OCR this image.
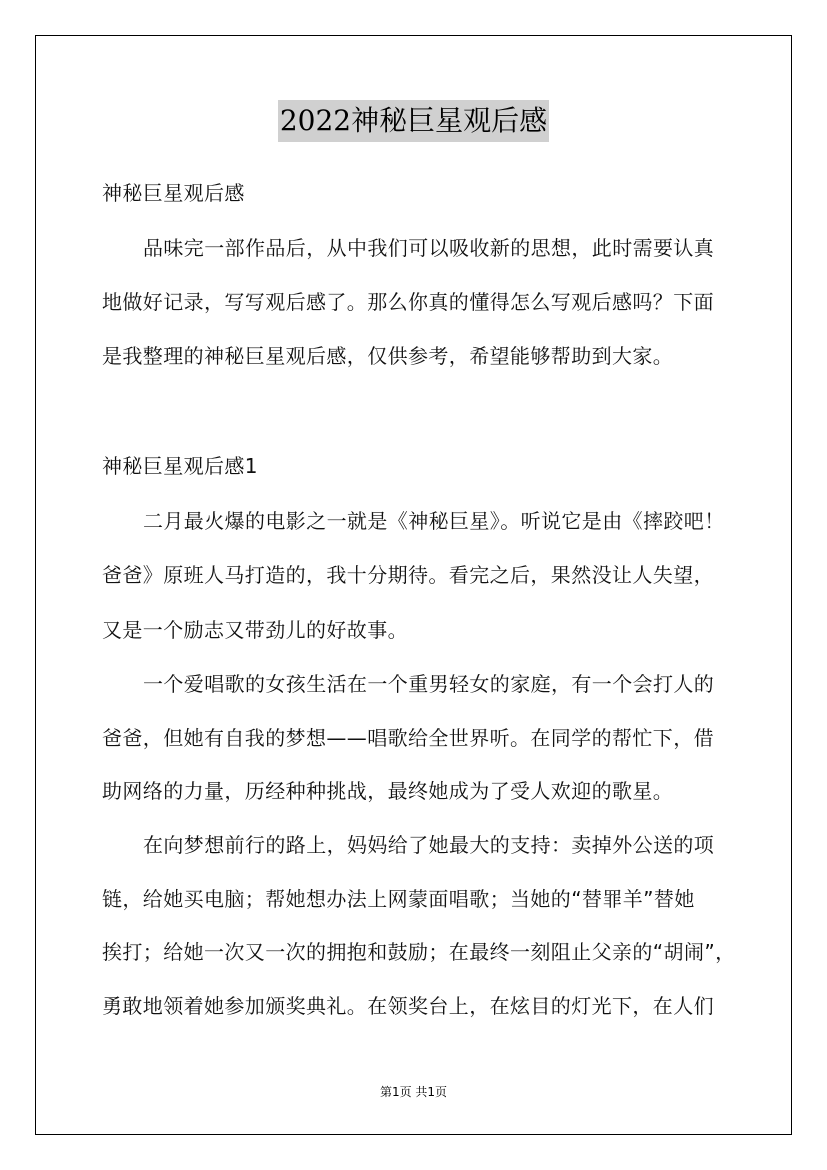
2022神秘巨星观后感
神秘巨星观后感
品味完一部作品后，从中我们可以吸收新的思想，此时需要认真
地做好记录，写写观后感了。那么你真的懂得怎么写观后感吗？下面
是我整理的神秘巨星观后感，仅供参考，希望能够帮助到大家。
神秘巨星观后感1
二月最火爆的电影之一就是《神秘巨星》。听说它是由《摔跤吧！
爸爸》原班人马打造的，我十分期待。看完之后，果然没让人失望，
又是一个励志又带劲儿的好故事。
一个爱唱歌的女孩生活在一个重男轻女的家庭，有一个会打人的
爸爸，但她有自我的梦想——唱歌给全世界听。在同学的帮忙下，借
助网络的力量，历经种种挑战，最终她成为了受人欢迎的歌星。
在向梦想前行的路上，妈妈给了她最大的支持：卖掉外公送的项
链，给她买电脑；帮她想办法上网蒙面唱歌；当她的“替罪羊”替她
挨打；给她一次又一次的拥抱和鼓励；在最终一刻阻止父亲的“胡闹”，
勇敢地领着她参加颁奖典礼。在领奖台上，在炫目的灯光下，在人们
第1页 共1页
